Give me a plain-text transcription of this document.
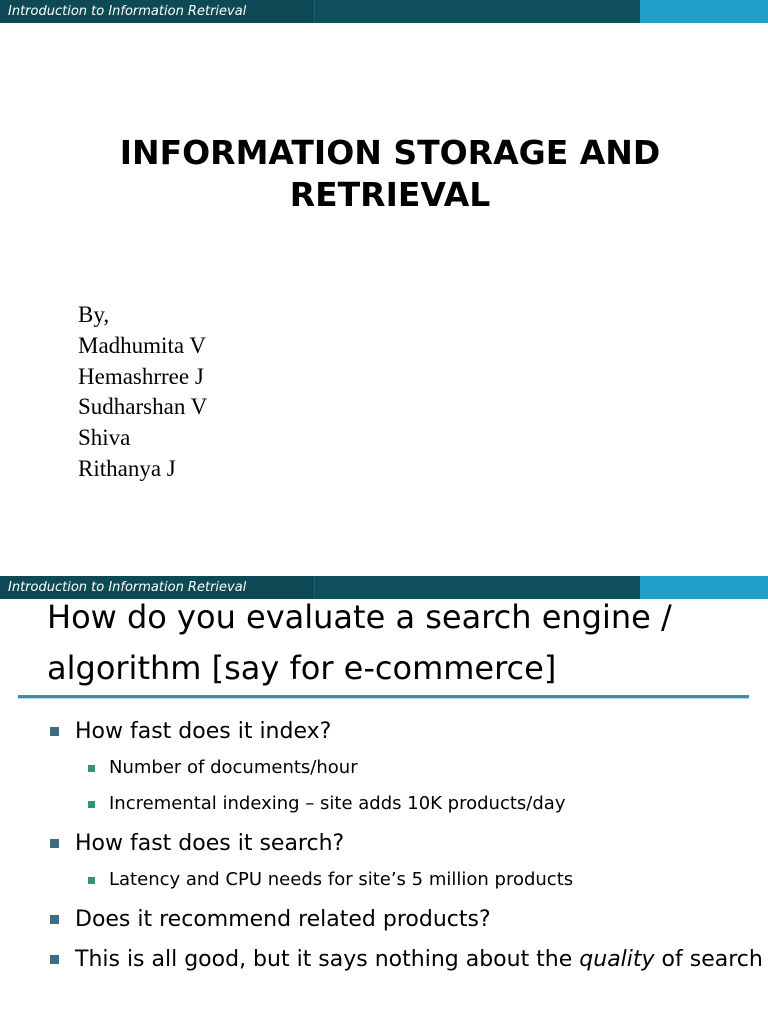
Introduction to Information Retrieval
INFORMATION STORAGE AND
RETRIEVAL
By,
Madhumita V
Hemashrree J
Sudharshan V
Shiva
Rithanya J
Introduction to Information Retrieval
How do you evaluate a search engine /
algorithm [say for e-commerce]
How fast does it index?
Number of documents/hour
Incremental indexing – site adds 10K products/day
How fast does it search?
Latency and CPU needs for site’s 5 million products
Does it recommend related products?
This is all good, but it says nothing about the quality of search
